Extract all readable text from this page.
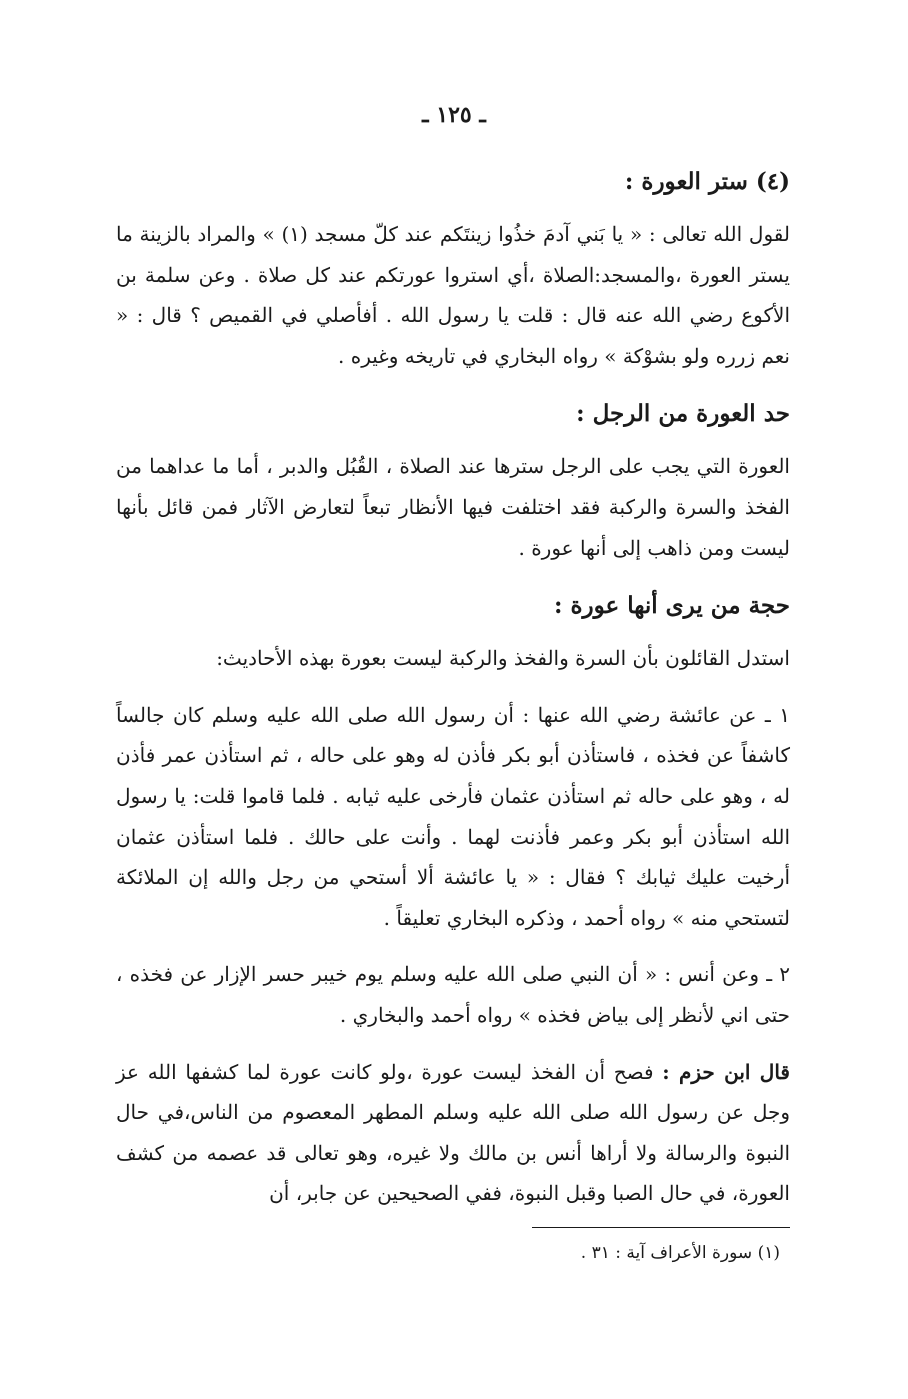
ـ ١٢٥ ـ

(٤) ستر العورة :

لقول الله تعالى : « يا بَني آدمَ خذُوا زينتَكم عند كلّ مسجد (١) » والمراد بالزينة ما يستر العورة ،والمسجد:الصلاة ،أي استروا عورتكم عند كل صلاة . وعن سلمة بن الأكوع رضي الله عنه قال : قلت يا رسول الله . أفأصلي في القميص ؟ قال : « نعم زرره ولو بشوْكة » رواه البخاري في تاريخه وغيره .

حد العورة من الرجل :

العورة التي يجب على الرجل سترها عند الصلاة ، القُبُل والدبر ، أما ما عداهما من الفخذ والسرة والركبة فقد اختلفت فيها الأنظار تبعاً لتعارض الآثار فمن قائل بأنها ليست ومن ذاهب إلى أنها عورة .

حجة من يرى أنها عورة :

استدل القائلون بأن السرة والفخذ والركبة ليست بعورة بهذه الأحاديث:

١ ـ عن عائشة رضي الله عنها : أن رسول الله صلى الله عليه وسلم كان جالساً كاشفاً عن فخذه ، فاستأذن أبو بكر فأذن له وهو على حاله ، ثم استأذن عمر فأذن له ، وهو على حاله ثم استأذن عثمان فأرخى عليه ثيابه . فلما قاموا قلت: يا رسول الله استأذن أبو بكر وعمر فأذنت لهما . وأنت على حالك . فلما استأذن عثمان أرخيت عليك ثيابك ؟ فقال : « يا عائشة ألا أستحي من رجل والله إن الملائكة لتستحي منه » رواه أحمد ، وذكره البخاري تعليقاً .

٢ ـ وعن أنس : « أن النبي صلى الله عليه وسلم يوم خيبر حسر الإزار عن فخذه ، حتى اني لأنظر إلى بياض فخذه » رواه أحمد والبخاري .

قال ابن حزم : فصح أن الفخذ ليست عورة ،ولو كانت عورة لما كشفها الله عز وجل عن رسول الله صلى الله عليه وسلم المطهر المعصوم من الناس،في حال النبوة والرسالة ولا أراها أنس بن مالك ولا غيره، وهو تعالى قد عصمه من كشف العورة، في حال الصبا وقبل النبوة، ففي الصحيحين عن جابر، أن

(١) سورة الأعراف آية : ٣١ .
